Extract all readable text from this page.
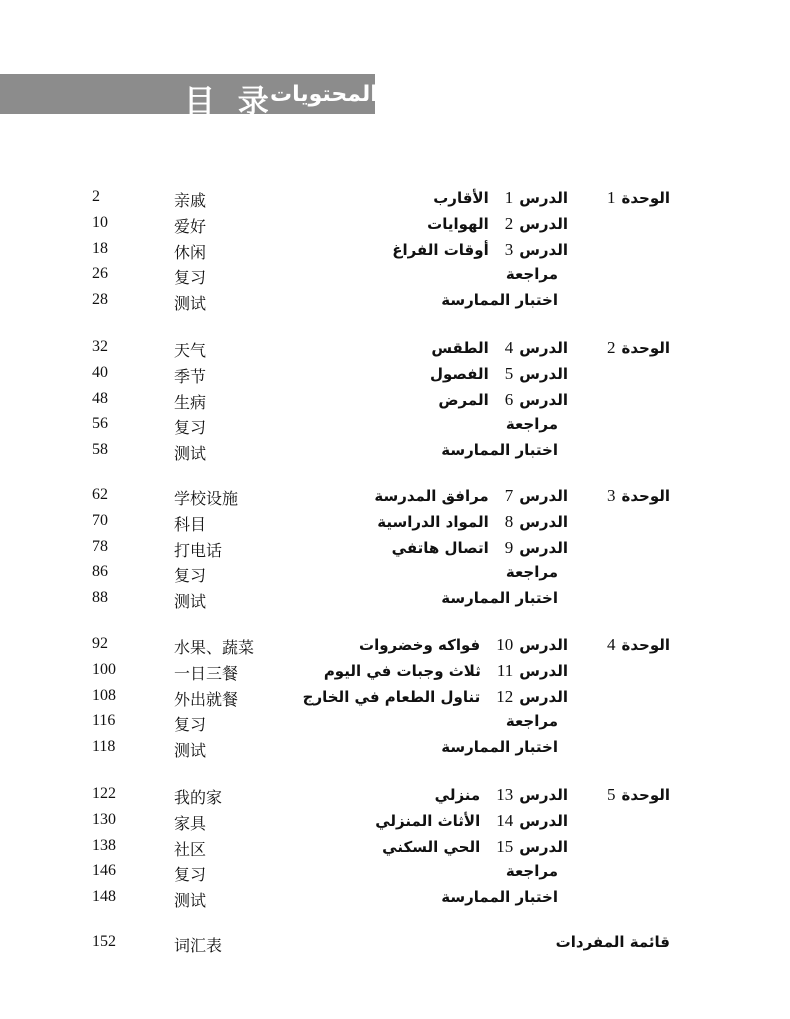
目 录
المحتويات
2	亲戚	الدرس1الأقارب	الوحدة1
10	爱好	الدرس2الهوايات
18	休闲	الدرس3أوقات الفراغ
26	复习	مراجعة
28	测试	اختبار الممارسة
32	天气	الدرس4الطقس	الوحدة2
40	季节	الدرس5الفصول
48	生病	الدرس6المرض
56	复习	مراجعة
58	测试	اختبار الممارسة
62	学校设施	الدرس7مرافق المدرسة	الوحدة3
70	科目	الدرس8المواد الدراسية
78	打电话	الدرس9اتصال هاتفي
86	复习	مراجعة
88	测试	اختبار الممارسة
92	水果、蔬菜	الدرس10فواكه وخضروات	الوحدة4
100	一日三餐	الدرس11ثلاث وجبات في اليوم
108	外出就餐	الدرس12تناول الطعام في الخارج
116	复习	مراجعة
118	测试	اختبار الممارسة
122	我的家	الدرس13منزلي	الوحدة5
130	家具	الدرس14الأثاث المنزلي
138	社区	الدرس15الحي السكني
146	复习	مراجعة
148	测试	اختبار الممارسة
152	词汇表	قائمة المفردات
